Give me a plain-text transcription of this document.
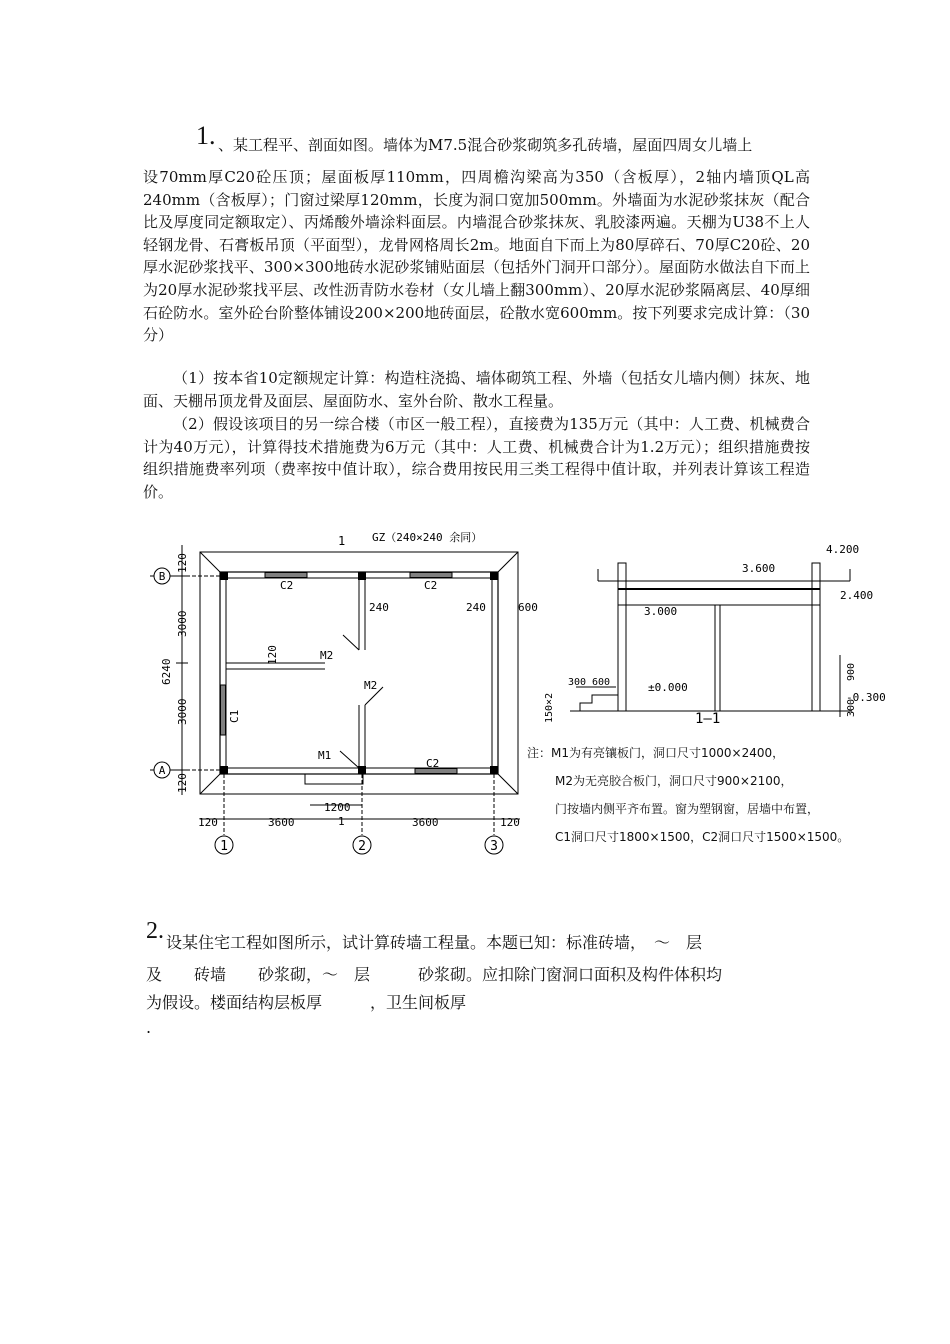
1. 、某工程平、剖面如图。墙体为M7.5混合砂浆砌筑多孔砖墙，屋面四周女儿墙上

设70mm厚C20砼压顶；屋面板厚110mm，四周檐沟梁高为350（含板厚），2轴内墙顶QL高240mm（含板厚）；门窗过梁厚120mm，长度为洞口宽加500mm。外墙面为水泥砂浆抹灰（配合比及厚度同定额取定）、丙烯酸外墙涂料面层。内墙混合砂浆抹灰、乳胶漆两遍。天棚为U38不上人轻钢龙骨、石膏板吊顶（平面型），龙骨网格周长2m。地面自下而上为80厚碎石、70厚C20砼、20厚水泥砂浆找平、300×300地砖水泥砂浆铺贴面层（包括外门洞开口部分）。屋面防水做法自下而上为20厚水泥砂浆找平层、改性沥青防水卷材（女儿墙上翻300mm）、20厚水泥砂浆隔离层、40厚细石砼防水。室外砼台阶整体铺设200×200地砖面层，砼散水宽600mm。按下列要求完成计算：（30分）

（1）按本省10定额规定计算：构造柱浇捣、墙体砌筑工程、外墙（包括女儿墙内侧）抹灰、地面、天棚吊顶龙骨及面层、屋面防水、室外台阶、散水工程量。

（2）假设该项目的另一综合楼（市区一般工程），直接费为135万元（其中：人工费、机械费合计为40万元），计算得技术措施费为6万元（其中：人工费、机械费合计为1.2万元）；组织措施费按组织措施费率列项（费率按中值计取），综合费用按民用三类工程得中值计取，并列表计算该工程造价。

B
A
1	2	3
1 GZ（240×240 余同）
C2	C2
C2
C1
M2
M2
M1
240	240	600
120
6240
3000
3000
120
120
120	3600	3600	120
1200
1
4.200
3.600
3.000
2.400
±0.000
-0.300
300 600
150×2
900
300
1—1
注：M1为有亮镶板门，洞口尺寸1000×2400，
M2为无亮胶合板门，洞口尺寸900×2100，
门按墙内侧平齐布置。窗为塑钢窗，居墙中布置，
C1洞口尺寸1800×1500，C2洞口尺寸1500×1500。
2. 设某住宅工程如图所示，试计算砖墙工程量。本题已知：标准砖墙，　～　层
及　　砖墙　　砂浆砌，～　层　　　砂浆砌。应扣除门窗洞口面积及构件体积均
为假设。楼面结构层板厚　　　，卫生间板厚
.
